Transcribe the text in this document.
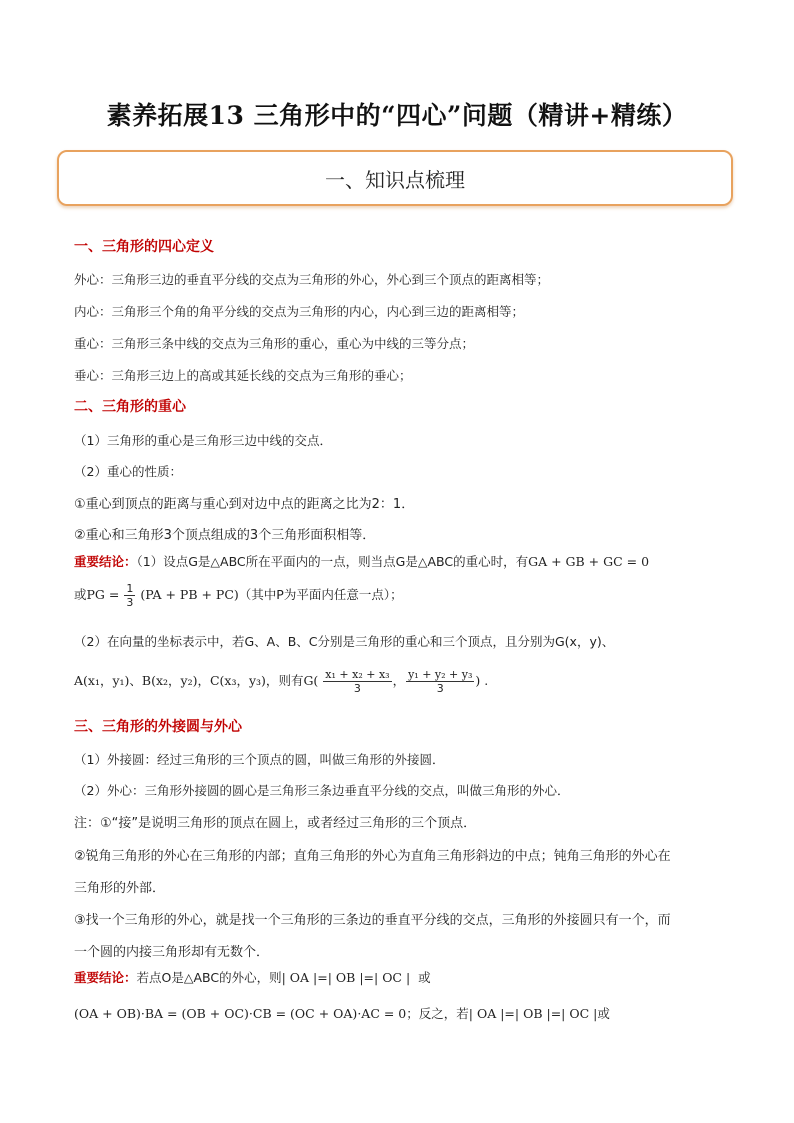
素养拓展13 三角形中的“四心”问题（精讲+精练）
一、知识点梳理
一、三角形的四心定义
外心：三角形三边的垂直平分线的交点为三角形的外心，外心到三个顶点的距离相等；
内心：三角形三个角的角平分线的交点为三角形的内心，内心到三边的距离相等；
重心：三角形三条中线的交点为三角形的重心，重心为中线的三等分点；
垂心：三角形三边上的高或其延长线的交点为三角形的垂心；
二、三角形的重心
（1）三角形的重心是三角形三边中线的交点．
（2）重心的性质：
①重心到顶点的距离与重心到对边中点的距离之比为2：1．
②重心和三角形3个顶点组成的3个三角形面积相等．
重要结论：（1）设点G是△ABC所在平面内的一点，则当点G是△ABC的重心时，有GA + GB + GC = 0
或PG = $\frac{1}{3} (PA$ + PB + PC)（其中P为平面内任意一点）；
（2）在向量的坐标表示中，若G、A、B、C分别是三角形的重心和三个顶点，且分别为G(x，y)、
A(x₁，y₁)、B(x₂，y₂)，C(x₃，y₃)，则有$G( \frac{\text{x₁ + x₂ + x₃}}{3}$ ， $\frac{\text{y₁ + y₂ + y₃}}{3}$ ) .
三、三角形的外接圆与外心
（1）外接圆：经过三角形的三个顶点的圆，叫做三角形的外接圆．
（2）外心：三角形外接圆的圆心是三角形三条边垂直平分线的交点，叫做三角形的外心．
注：①“接”是说明三角形的顶点在圆上，或者经过三角形的三个顶点．
②锐角三角形的外心在三角形的内部；直角三角形的外心为直角三角形斜边的中点；钝角三角形的外心在
三角形的外部．
③找一个三角形的外心，就是找一个三角形的三条边的垂直平分线的交点，三角形的外接圆只有一个，而
一个圆的内接三角形却有无数个．
重要结论：若点O是△ABC的外心，则| OA |=| OB |=| OC | 或
(OA + OB)·BA = (OB + OC)·CB = (OC + OA)·AC = 0；反之，若| OA |=| OB |=| OC |或
